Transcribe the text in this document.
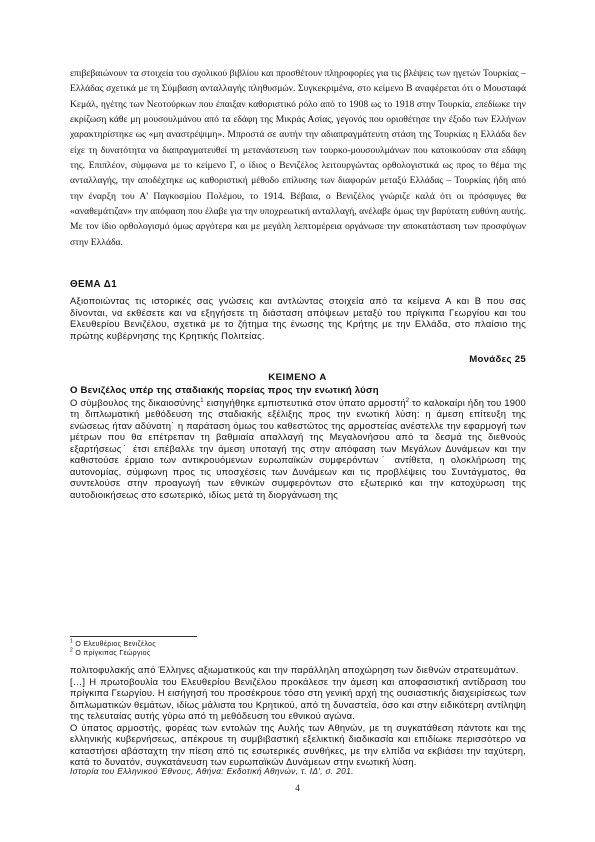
επιβεβαιώνουν τα στοιχεία του σχολικού βιβλίου και προσθέτουν πληροφορίες για τις βλέψεις των ηγετών Τουρκίας – Ελλάδας σχετικά με τη Σύμβαση ανταλλαγής πληθυσμών. Συγκεκριμένα, στο κείμενο Β αναφέρεται ότι ο Μουσταφά Κεμάλ, ηγέτης των Νεοτούρκων που έπαιξαν καθοριστικό ρόλο από το 1908 ως το 1918 στην Τουρκία, επεδίωκε την εκρίζωση κάθε μη μουσουλμάνου από τα εδάφη της Μικράς Ασίας, γεγονός που οριοθέτησε την έξοδο των Ελλήνων χαρακτηρίστηκε ως «μη αναστρέψιμη». Μπροστά σε αυτήν την αδιαπραγμάτευτη στάση της Τουρκίας η Ελλάδα δεν είχε τη δυνατότητα να διαπραγματευθεί τη μετανάστευση των τουρκο-μουσουλμάνων που κατοικούσαν στα εδάφη της. Επιπλέον, σύμφωνα με το κείμενο Γ, ο ίδιος ο Βενιζέλος λειτουργώντας ορθολογιστικά ως προς το θέμα της ανταλλαγής, την αποδέχτηκε ως καθοριστική μέθοδο επίλυσης των διαφορών μεταξύ Ελλάδας – Τουρκίας ήδη από την έναρξη του Α' Παγκοσμίου Πολέμου, το 1914. Βέβαια, ο Βενιζέλος γνώριζε καλά ότι οι πρόσφυγες θα «αναθεμάτιζαν» την απόφαση που έλαβε για την υποχρεωτική ανταλλαγή, ανέλαβε όμως την βαρύτατη ευθύνη αυτής. Με τον ίδιο ορθολογισμό όμως αργότερα και με μεγάλη λεπτομέρεια οργάνωσε την αποκατάσταση των προσφύγων στην Ελλάδα.

ΘΕΜΑ Δ1

Αξιοποιώντας τις ιστορικές σας γνώσεις και αντλώντας στοιχεία από τα κείμενα Α και Β που σας δίνονται, να εκθέσετε και να εξηγήσετε τη διάσταση απόψεων μεταξύ του πρίγκιπα Γεωργίου και του Ελευθερίου Βενιζέλου, σχετικά με το ζήτημα της ένωσης της Κρήτης με την Ελλάδα, στο πλαίσιο της πρώτης κυβέρνησης της Κρητικής Πολιτείας.

Μονάδες 25

ΚΕΙΜΕΝΟ Α

Ο Βενιζέλος υπέρ της σταδιακής πορείας προς την ενωτική λύση

Ο σύμβουλος της δικαιοσύνης$^1$ εισηγήθηκε εμπιστευτικά στον ύπατο αρμοστή$^2$ το καλοκαίρι ήδη του 1900 τη διπλωματική μεθόδευση της σταδιακής εξέλιξης προς την ενωτική λύση: η άμεση επίτευξη της ενώσεως ήταν αδύνατη˙ η παράταση όμως του καθεστώτος της αρμοστείας ανέστελλε την εφαρμογή των μέτρων που θα επέτρεπαν τη βαθμιαία απαλλαγή της Μεγαλονήσου από τα δεσμά της διεθνούς εξαρτήσεως˙ έτσι επέβαλλε την άμεση υποταγή της στην απόφαση των Μεγάλων Δυνάμεων και την καθιστούσε έρμαιο των αντικρουόμενων ευρωπαϊκών συμφερόντων˙ αντίθετα, η ολοκλήρωση της αυτονομίας, σύμφωνη προς τις υποσχέσεις των Δυνάμεων και τις προβλέψεις του Συντάγματος, θα συντελούσε στην προαγωγή των εθνικών συμφερόντων στο εξωτερικό και την κατοχύρωση της αυτοδιοικήσεως στο εσωτερικό, ιδίως μετά τη διοργάνωση της

$^1$ Ο Ελευθέριος Βενιζέλος
$^2$ Ο πρίγκιπας Γεώργιος

πολιτοφυλακής από Έλληνες αξιωματικούς και την παράλληλη αποχώρηση των διεθνών στρατευμάτων.

[…] Η πρωτοβουλία του Ελευθερίου Βενιζέλου προκάλεσε την άμεση και αποφασιστική αντίδραση του πρίγκιπα Γεωργίου. Η εισήγησή του προσέκρουε τόσο στη γενική αρχή της ουσιαστικής διαχειρίσεως των διπλωματικών θεμάτων, ιδίως μάλιστα του Κρητικού, από τη δυναστεία, όσο και στην ειδικότερη αντίληψη της τελευταίας αυτής γύρω από τη μεθόδευση του εθνικού αγώνα.

Ο ύπατος αρμοστής, φορέας των εντολών της Αυλής των Αθηνών, με τη συγκατάθεση πάντοτε και της ελληνικής κυβερνήσεως, απέκρουε τη συμβιβαστική εξελικτική διαδικασία και επιδίωκε περισσότερο να καταστήσει αβάσταχτη την πίεση από τις εσωτερικές συνθήκες, με την ελπίδα να εκβιάσει την ταχύτερη, κατά το δυνατόν, συγκατάνευση των ευρωπαϊκών Δυνάμεων στην ενωτική λύση.

Ιστορία του Ελληνικού Έθνους, Αθήνα: Εκδοτική Αθηνών, τ. ΙΔ', σ. 201.

4
